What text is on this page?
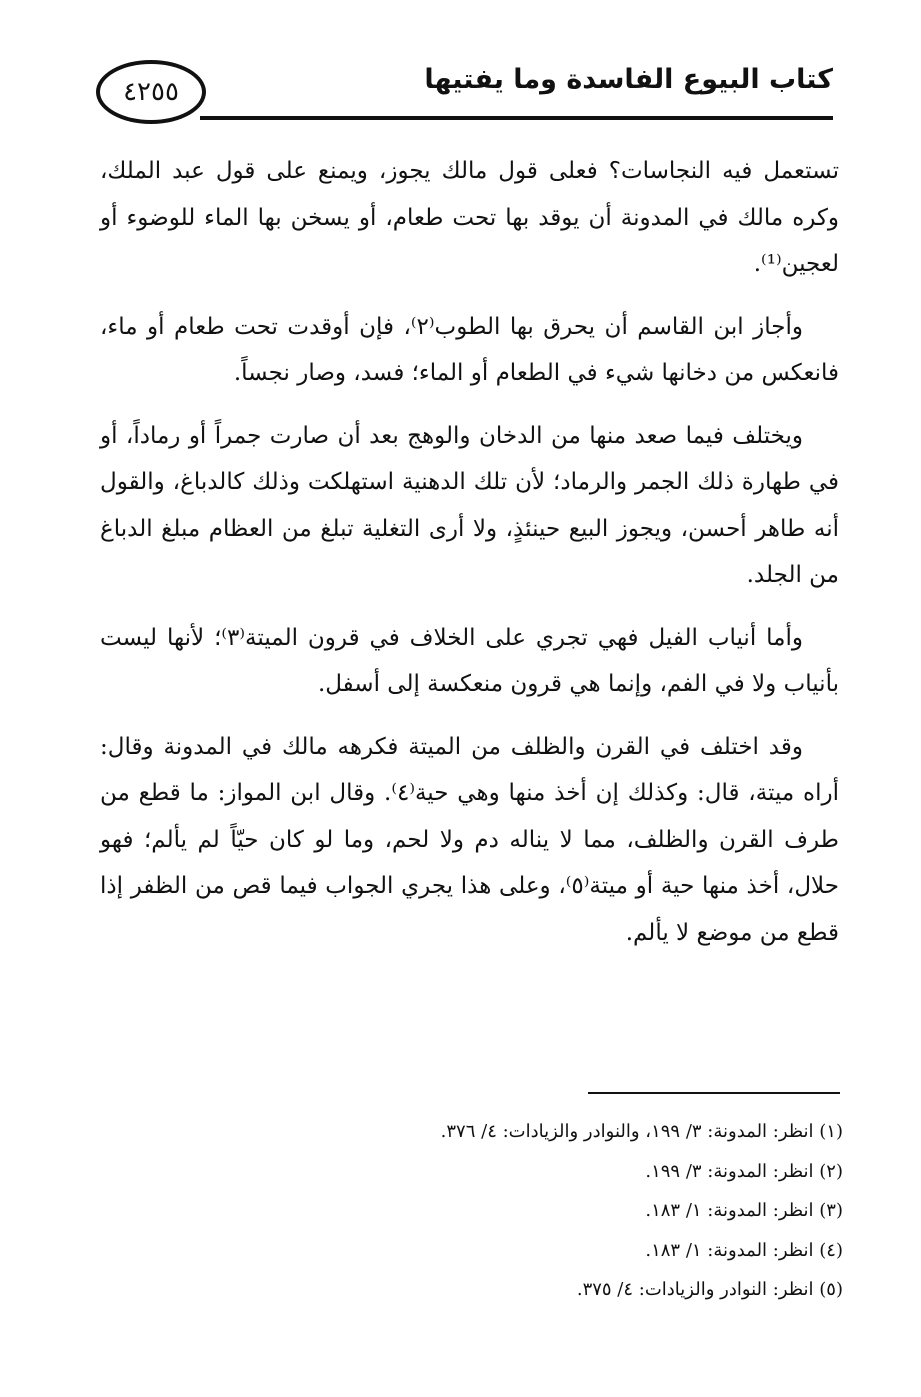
٤٢٥٥	كتاب البيوع الفاسدة وما يفتيها

تستعمل فيه النجاسات؟ فعلى قول مالك يجوز، ويمنع على قول عبد الملك، وكره مالك في المدونة أن يوقد بها تحت طعام، أو يسخن بها الماء للوضوء أو لعجين⁽¹⁾.

وأجاز ابن القاسم أن يحرق بها الطوب⁽٢⁾، فإن أوقدت تحت طعام أو ماء، فانعكس من دخانها شيء في الطعام أو الماء؛ فسد، وصار نجساً.

ويختلف فيما صعد منها من الدخان والوهج بعد أن صارت جمراً أو رماداً، أو في طهارة ذلك الجمر والرماد؛ لأن تلك الدهنية استهلكت وذلك كالدباغ، والقول أنه طاهر أحسن، ويجوز البيع حينئذٍ، ولا أرى التغلية تبلغ من العظام مبلغ الدباغ من الجلد.

وأما أنياب الفيل فهي تجري على الخلاف في قرون الميتة⁽٣⁾؛ لأنها ليست بأنياب ولا في الفم، وإنما هي قرون منعكسة إلى أسفل.

وقد اختلف في القرن والظلف من الميتة فكرهه مالك في المدونة وقال: أراه ميتة، قال: وكذلك إن أخذ منها وهي حية⁽٤⁾. وقال ابن المواز: ما قطع من طرف القرن والظلف، مما لا يناله دم ولا لحم، وما لو كان حيّاً لم يألم؛ فهو حلال، أخذ منها حية أو ميتة⁽٥⁾، وعلى هذا يجري الجواب فيما قص من الظفر إذا قطع من موضع لا يألم.

(١) انظر: المدونة: ٣/ ١٩٩، والنوادر والزيادات: ٤/ ٣٧٦.
(٢) انظر: المدونة: ٣/ ١٩٩.
(٣) انظر: المدونة: ١/ ١٨٣.
(٤) انظر: المدونة: ١/ ١٨٣.
(٥) انظر: النوادر والزيادات: ٤/ ٣٧٥.
